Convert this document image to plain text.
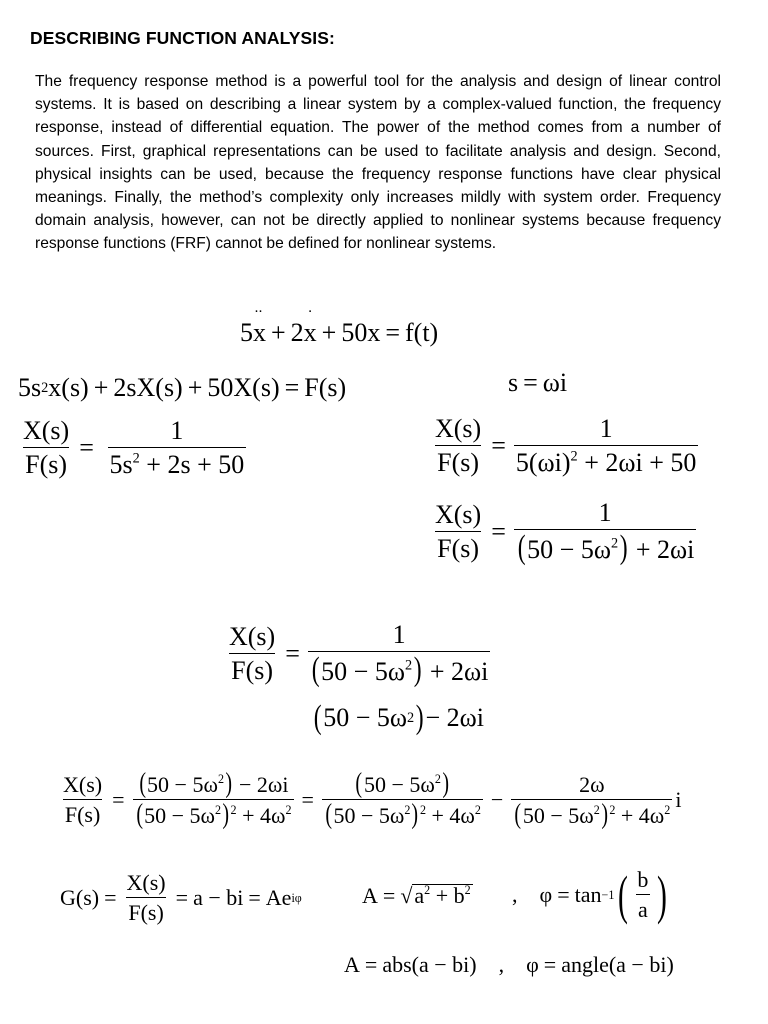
DESCRIBING FUNCTION ANALYSIS:
The frequency response method is a powerful tool for the analysis and design of linear control systems. It is based on describing a linear system by a complex-valued function, the frequency response, instead of differential equation. The power of the method comes from a number of sources. First, graphical representations can be used to facilitate analysis and design. Second, physical insights can be used, because the frequency response functions have clear physical meanings. Finally, the method’s complexity only increases mildly with system order. Frequency domain analysis, however, can not be directly applied to nonlinear systems because frequency response functions (FRF) cannot be defined for nonlinear systems.
5 ·· x + 2 · x + 50x = f(t)
5s 2 x(s) + 2sX(s) + 50X(s) = F(s)	s = ωi
$\frac{X(s)}{F(s)} = \frac{1}{5s^2 + 2s + 50}$	$\frac{X(s)}{F(s)} = \frac{1}{5(\omega i)^2 + 2\omega i + 50}$
$\frac{X(s)}{F(s)} = \frac{1}{(50 - 5\omega^2) + 2\omega i}$
$\frac{X(s)}{F(s)} = \frac{1}{(50 - 5\omega^2) + 2\omega i}$
( 50 − 5ω 2 ) − 2ωi
$\frac{X(s)}{F(s)} = \frac{(50 - 5\omega^2) - 2\omega i}{(50 - 5\omega^2)^2 + 4\omega^2} = \frac{(50 - 5\omega^2)}{(50 - 5\omega^2)^2 + 4\omega^2} - \frac{2\omega}{(50 - 5\omega^2)^2 + 4\omega^2}$ i
$G(s) = \frac{X(s)}{F(s)} = a$ − bi = Ae iφ	A = √ $a^2 + b^2$ ,    φ = tan −1 ( b
a )
A = abs(a − bi)    ,    φ = angle(a − bi)
